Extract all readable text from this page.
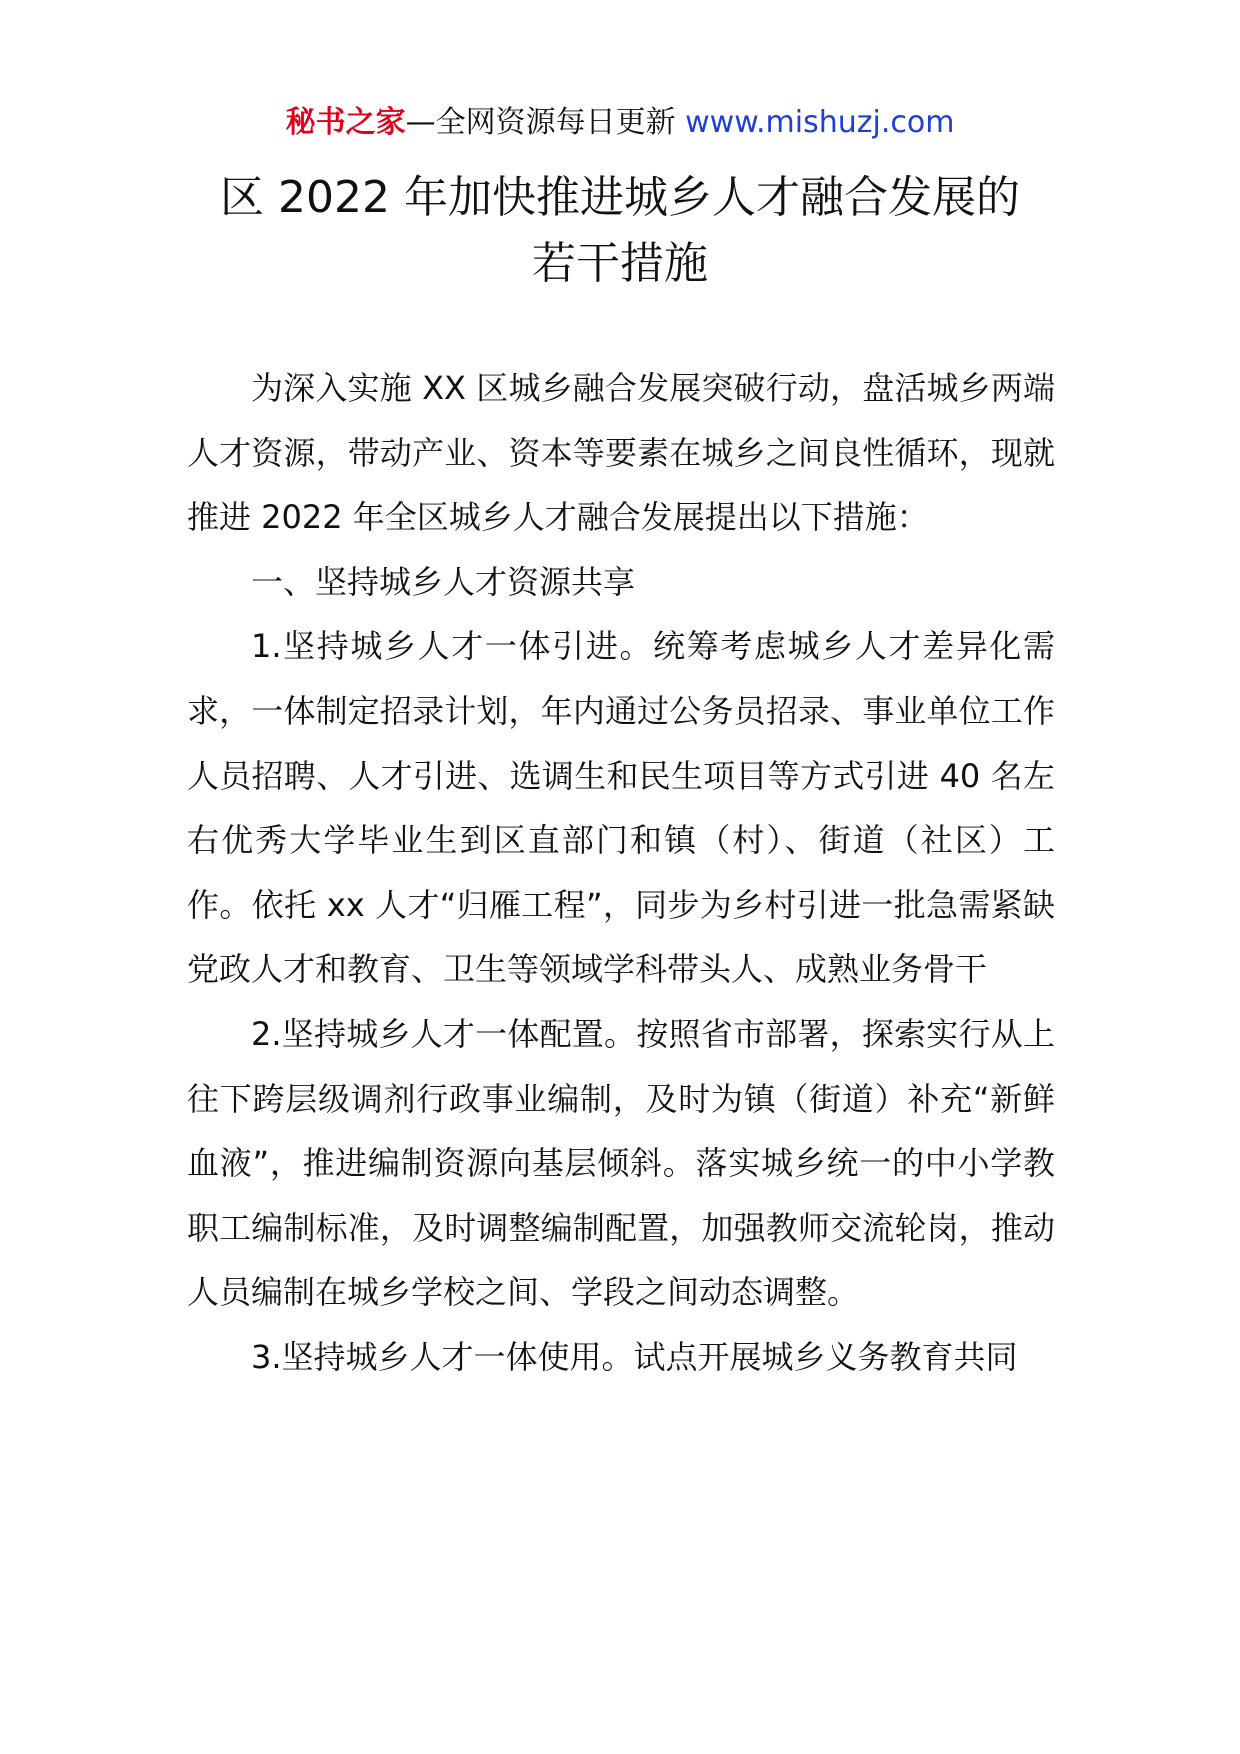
秘书之家—全网资源每日更新 www.mishuzj.com
区 2022 年加快推进城乡人才融合发展的
若干措施

为深入实施 XX 区城乡融合发展突破行动，盘活城乡两端人才资源，带动产业、资本等要素在城乡之间良性循环，现就推进 2022 年全区城乡人才融合发展提出以下措施：

一、坚持城乡人才资源共享

1.坚持城乡人才一体引进。统筹考虑城乡人才差异化需求，一体制定招录计划，年内通过公务员招录、事业单位工作人员招聘、人才引进、选调生和民生项目等方式引进 40 名左右优秀大学毕业生到区直部门和镇（村）、街道（社区）工作。依托 xx 人才“归雁工程”，同步为乡村引进一批急需紧缺党政人才和教育、卫生等领域学科带头人、成熟业务骨干

2.坚持城乡人才一体配置。按照省市部署，探索实行从上往下跨层级调剂行政事业编制，及时为镇（街道）补充“新鲜血液”，推进编制资源向基层倾斜。落实城乡统一的中小学教职工编制标准，及时调整编制配置，加强教师交流轮岗，推动人员编制在城乡学校之间、学段之间动态调整。

3.坚持城乡人才一体使用。试点开展城乡义务教育共同
